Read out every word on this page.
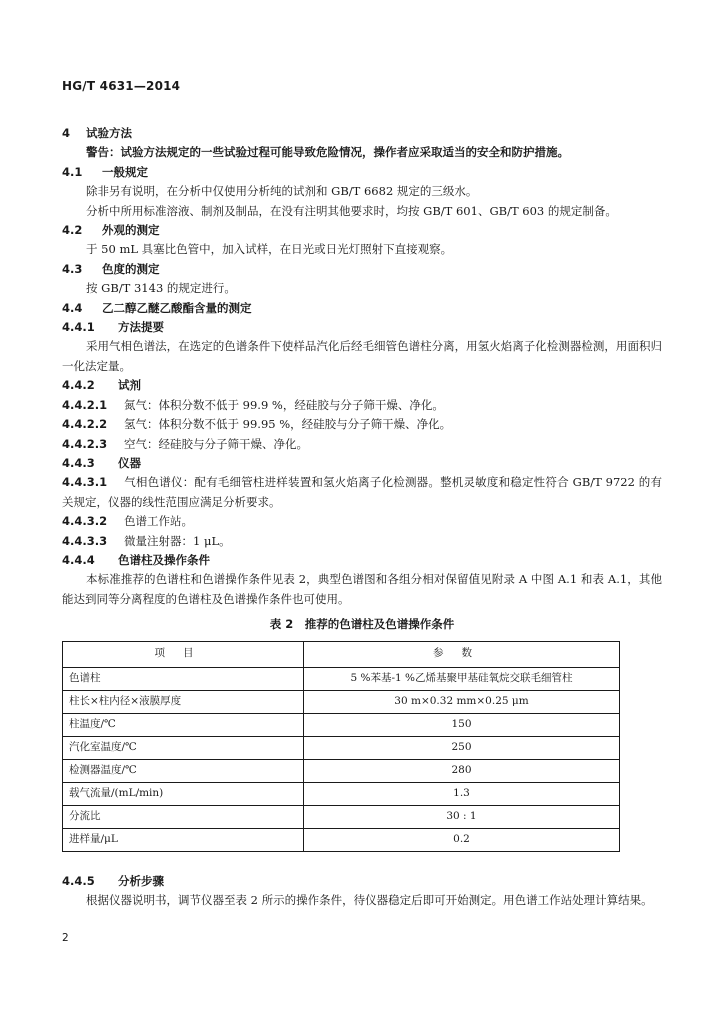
HG/T 4631—2014
4 试验方法
警告：试验方法规定的一些试验过程可能导致危险情况，操作者应采取适当的安全和防护措施。
4.1 一般规定

除非另有说明，在分析中仅使用分析纯的试剂和 GB/T 6682 规定的三级水。

分析中所用标准溶液、制剂及制品，在没有注明其他要求时，均按 GB/T 601、GB/T 603 的规定制备。

4.2 外观的测定

于 50 mL 具塞比色管中，加入试样，在日光或日光灯照射下直接观察。

4.3 色度的测定

按 GB/T 3143 的规定进行。

4.4 乙二醇乙醚乙酸酯含量的测定
4.4.1 方法提要

采用气相色谱法，在选定的色谱条件下使样品汽化后经毛细管色谱柱分离，用氢火焰离子化检测器检测，用面积归一化法定量。

4.4.2 试剂
4.4.2.1 氮气：体积分数不低于 99.9 %，经硅胶与分子筛干燥、净化。
4.4.2.2 氢气：体积分数不低于 99.95 %，经硅胶与分子筛干燥、净化。
4.4.2.3 空气：经硅胶与分子筛干燥、净化。
4.4.3 仪器
4.4.3.1 气相色谱仪：配有毛细管柱进样装置和氢火焰离子化检测器。整机灵敏度和稳定性符合 GB/T 9722 的有关规定，仪器的线性范围应满足分析要求。
4.4.3.2 色谱工作站。
4.4.3.3 微量注射器：1 μL。
4.4.4 色谱柱及操作条件

本标准推荐的色谱柱和色谱操作条件见表 2，典型色谱图和各组分相对保留值见附录 A 中图 A.1 和表 A.1，其他能达到同等分离程度的色谱柱及色谱操作条件也可使用。

表 2　推荐的色谱柱及色谱操作条件
项目	参数
色谱柱	5 %苯基-1 %乙烯基聚甲基硅氧烷交联毛细管柱
柱长×柱内径×液膜厚度	30 m×0.32 mm×0.25 μm
柱温度/℃	150
汽化室温度/℃	250
检测器温度/℃	280
载气流量/(mL/min)	1.3
分流比	30 : 1
进样量/μL	0.2
4.4.5 分析步骤

根据仪器说明书，调节仪器至表 2 所示的操作条件，待仪器稳定后即可开始测定。用色谱工作站处理计算结果。

2
